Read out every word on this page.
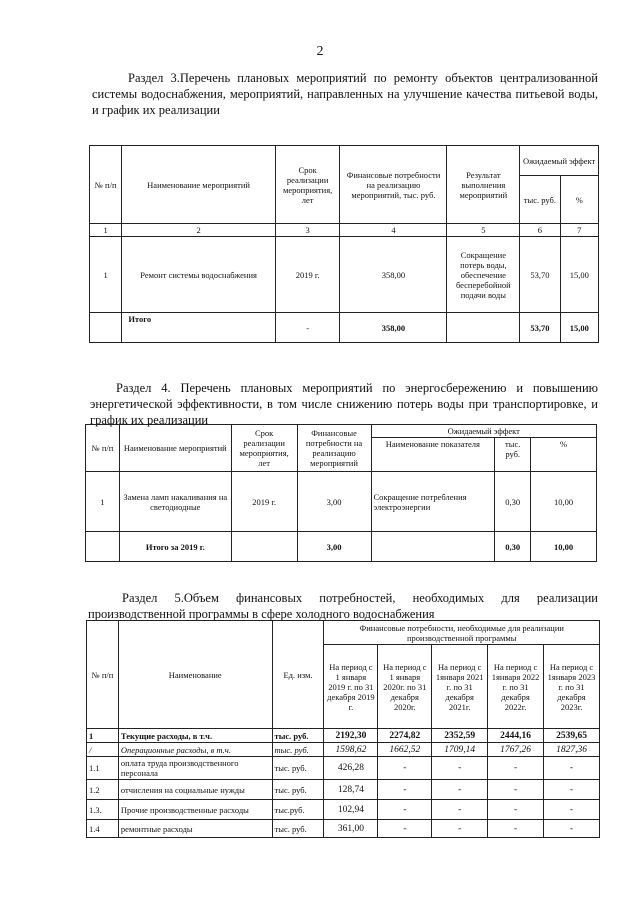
2

Раздел 3.Перечень плановых мероприятий по ремонту объектов централизованной системы водоснабжения, мероприятий, направленных на улучшение качества питьевой воды, и график их реализации

№ п/п	Наименование мероприятий	Срок реализации мероприятия, лет	Финансовые потребности на реализацию мероприятий, тыс. руб.	Результат выполнения мероприятий	Ожидаемый эффект	
					тыс. руб.	%
1	2	3	4	5	6	7
1	Ремонт системы водоснабжения	2019 г.	358,00	Сокращение потерь воды, обеспечение бесперебойной подачи воды	53,70	15,00
	Итого	-	358,00		53,70	15,00

Раздел 4. Перечень плановых мероприятий по энергосбережению и повышению энергетической эффективности, в том числе снижению потерь воды при транспортировке, и график их реализации

№ п/п	Наименование мероприятий	Срок реализации мероприятия, лет	Финансовые потребности на реализацию мероприятий	Ожидаемый эффект		
				Наименование показателя	тыс. руб.	%
1	Замена ламп накаливания на светодиодные	2019 г.	3,00	Сокращение потребления электроэнергии	0,30	10,00
	Итого за 2019 г.		3,00		0,30	10,00

Раздел 5.Объем финансовых потребностей, необходимых для реализации производственной программы в сфере холодного водоснабжения

№ п/п	Наименование	Ед. изм.	Финансовые потребности, необходимые для реализации производственной программы				
			На период с 1 января 2019 г. по 31 декабря 2019 г.	На период с 1 января 2020г. по 31 декабря 2020г.	На период с 1января 2021 г. по 31 декабря 2021г.	На период с 1января 2022 г. по 31 декабря 2022г.	На период с 1января 2023 г. по 31 декабря 2023г.
1	Текущие расходы, в т.ч.	тыс. руб.	2192,30	2274,82	2352,59	2444,16	2539,65
/	Операционные расходы, в т.ч.	тыс. руб.	1598,62	1662,52	1709,14	1767,26	1827,36
1.1	оплата труда производственного персонала	тыс. руб.	426,28	-	-	-	-
1.2	отчисления на социальные нужды	тыс. руб.	128,74	-	-	-	-
1.3.	Прочие производственные расходы	тыс.руб.	102,94	-	-	-	-
1.4	ремонтные расходы	тыс. руб.	361,00	-	-	-	-
